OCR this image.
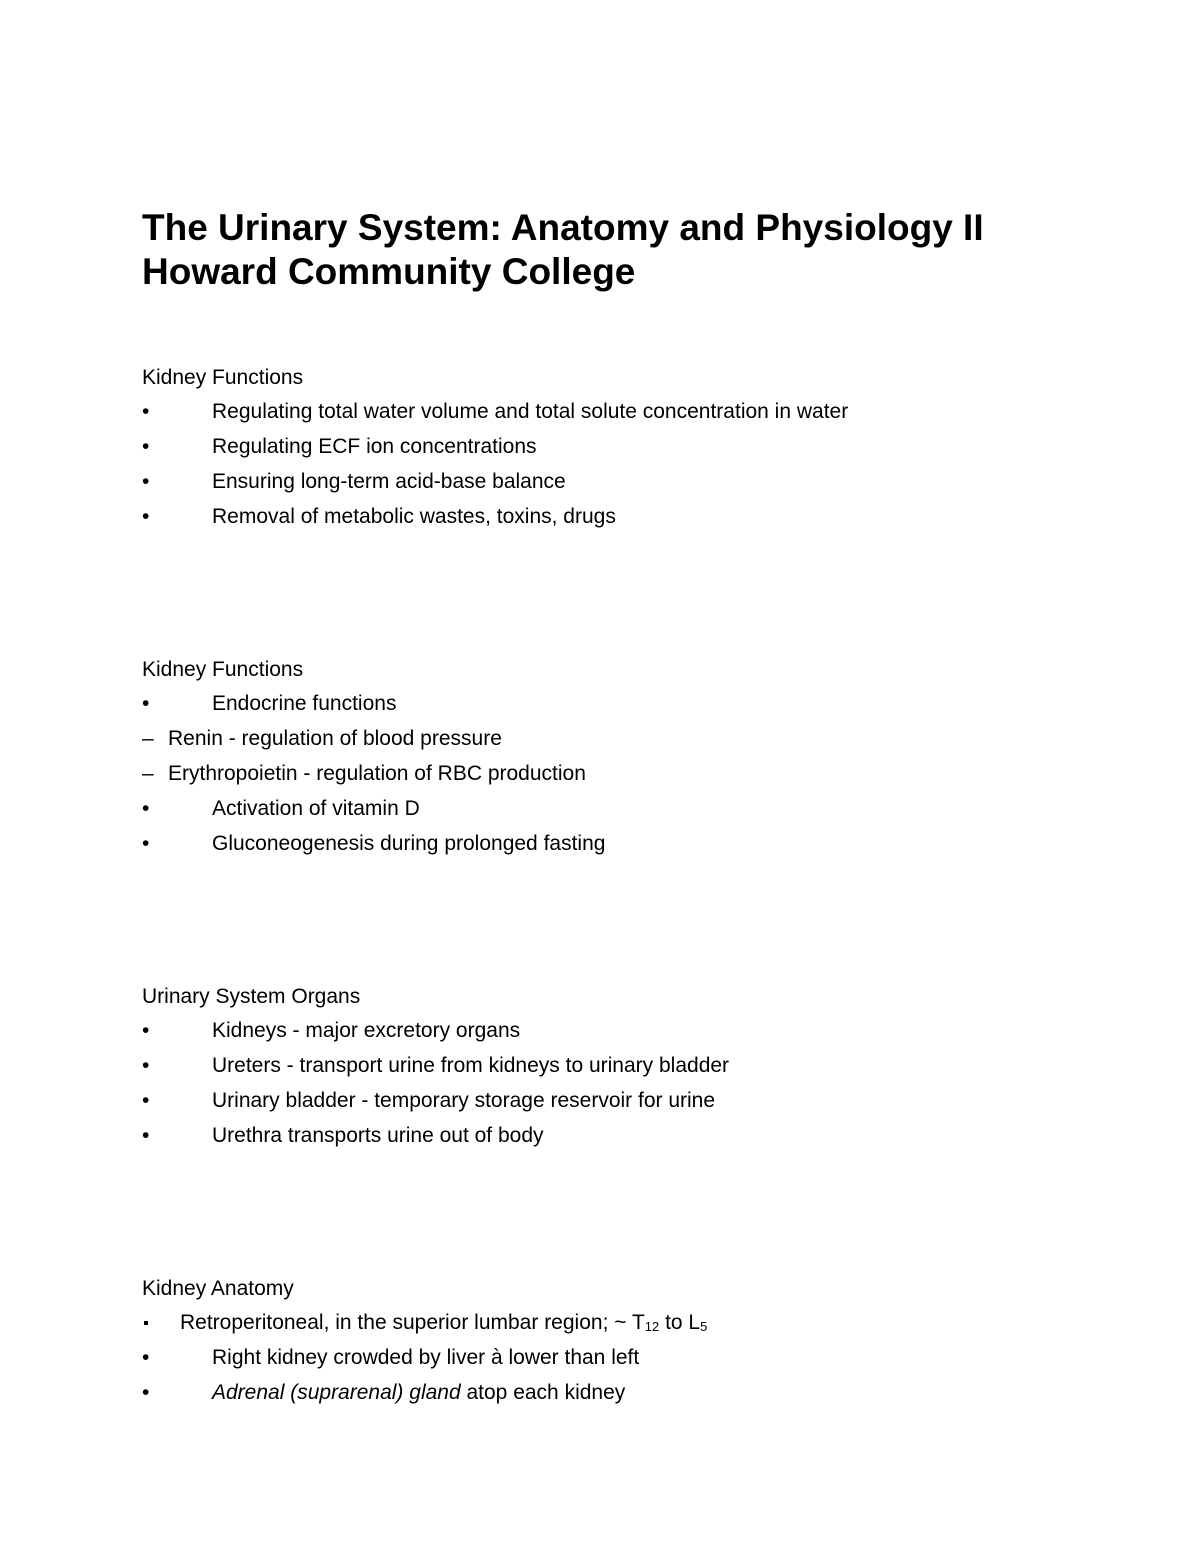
The Urinary System: Anatomy and Physiology II
Howard Community College
Kidney Functions
•	Regulating total water volume and total solute concentration in water
•	Regulating ECF ion concentrations
•	Ensuring long-term acid-base balance
•	Removal of metabolic wastes, toxins, drugs
Kidney Functions
•	Endocrine functions
– Renin - regulation of blood pressure
– Erythropoietin - regulation of RBC production
•	Activation of vitamin D
•	Gluconeogenesis during prolonged fasting
Urinary System Organs
•	Kidneys - major excretory organs
•	Ureters - transport urine from kidneys to urinary bladder
•	Urinary bladder - temporary storage reservoir for urine
•	Urethra transports urine out of body
Kidney Anatomy
Retroperitoneal, in the superior lumbar region; ~ T12 to L5
•	Right kidney crowded by liver à lower than left
•	Adrenal (suprarenal) gland atop each kidney
